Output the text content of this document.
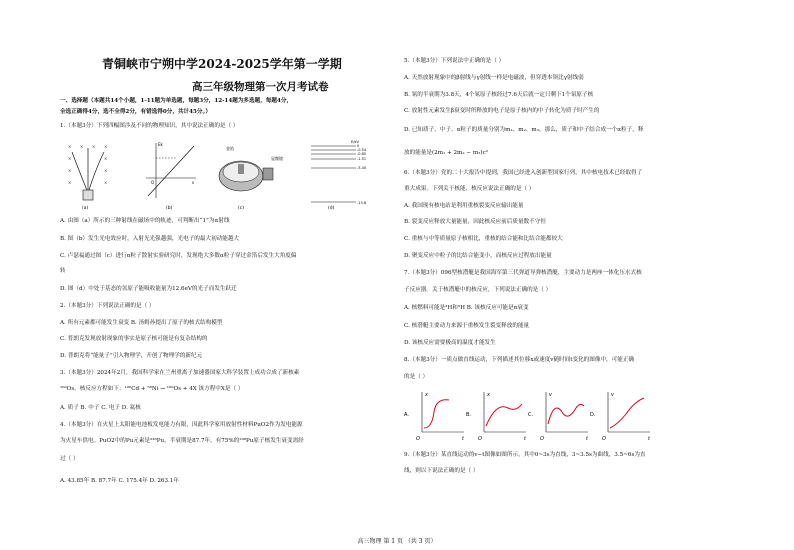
青铜峡市宁朔中学2024-2025学年第一学期
高三年级物理第一次月考试卷
一、选择题（本题共14个小题，1-11题为单选题，每题3分，12-14题为多选题，每题4分，
全选正确得4分，选不全得2分，有错选得0分，共计45分。）
1.（本题3分）下列四幅图涉及不同的物理知识，其中说法正确的是（ ）
× × × ×
×	×
×	×
×	×
Ek
ν
O
金箔
显微镜
E/eV
0
-0.54
-0.85
-1.51
-3.40
-13.6
(a)	(b)	(c)	(d)
A. 由图（a）所示的三种射线在磁场中的轨迹，可判断出“1”为α射线
B. 图（b）发生光电效应时，入射光光强越强，光电子的最大初动能越大
C. 卢瑟福通过图（c）进行α粒子散射实验研究时，发现绝大多数α粒子穿过金箔后发生大角度偏
转
D. 图（d）中处于基态的氢原子能吸收能量为12.6eV的光子而发生跃迁
2.（本题3分）下列说法正确的是（ ）
A. 所有元素都可能发生衰变 B. 汤姆孙提出了原子的核式结构模型
C. 普朗克发现放射现象的事实是原子核可能是有复杂结构的
D. 普朗克将“能量子”引入物理学，开创了物理学的新纪元
3.（本题3分）2024年2月，我国科学家在兰州重离子加速器国家大科学装置上成功合成了新核素
¹⁶⁰Os，核反应方程如下：¹⁰⁶Cd + ⁵⁸Ni → ¹⁶⁰Os + 4X 该方程中X是（ ）
A. 质子 B. 中子 C. 电子 D. 氦核
4.（本题3分）在火星上太阳能电池板发电能力有限，因此科学家用放射性材料PuO2作为发电能源
为火星车供电。PuO2中的Pu元素是²³⁸Pu，半衰期是87.7年，有75%的²³⁸Pu原子核发生衰变需经
过（ ）
A. 43.85年 B. 87.7年 C. 175.4年 D. 263.1年
5.（本题3分）下列说法中正确的是（ ）
A. 天然放射现象中的β射线与γ射线一样是电磁波，但穿透本领比γ射线弱
B. 氡的半衰期为3.8天，4个氡原子核经过7.6天后就一定只剩下1个氡原子核
C. 放射性元素发生β衰变时所释放的电子是原子核内的中子转化为质子时产生的
D. 已知质子、中子、α粒子的质量分别为m₁、m₂、m₃，那么，质子和中子结合成一个α粒子，释
放的能量是(2m₁ + 2m₂ − m₃)c²
6.（本题3分）党的二十大报告中提到，我国已经进入创新型国家行列，其中核电技术已经取得了
重大成果。下列关于核能、核反应说法正确的是（ ）
A. 我国现有核电站是利用重核裂变反应输出能量
B. 裂变反应释放大量能量，因此核反应前后质量数不守恒
C. 重核与中等质量原子核相比，重核的结合能和比结合能都较大
D. 聚变反应中粒子的比结合能变小，而核反应过程放出能量
7.（本题3分）096型核潜艇是我国海军第三代弹道导弹核潜艇，主要动力是两座一体化压水式核
子反应器。关于核潜艇中的核反应，下列说法正确的是（ ）
A. 核燃料可能是²H和³H B. 该核反应可能是α衰变
C. 核潜艇主要动力来源于重核发生裂变释放的能量
D. 该核反应需要极高的温度才能发生
8.（本题3分）一质点做直线运动，下列描述其位移x或速度v随时间t变化的图像中，可能正确
的是（ ）
A.
x
O	t
B.
x
O	t
C.
v
O	t
D.
v
O	t
9.（本题3分）某直线运动的v−t图像如图所示，其中0~3s为直线，3~3.5s为曲线，3.5~6s为直
线，则以下说法正确的是（ ）
高三物理 第 1 页 （共 3 页）
